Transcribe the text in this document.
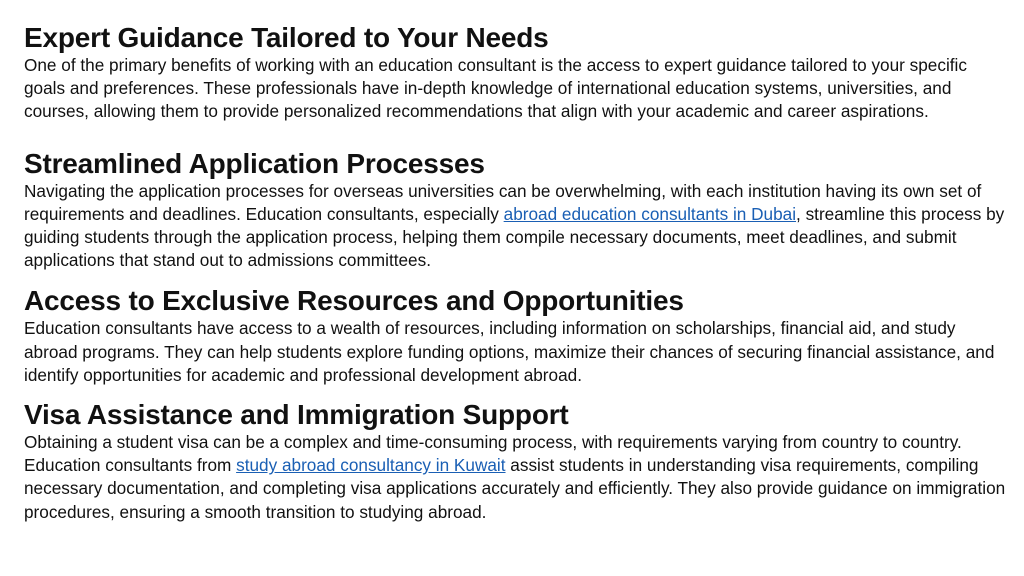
Expert Guidance Tailored to Your Needs

One of the primary benefits of working with an education consultant is the access to expert guidance tailored to your specific goals and preferences. These professionals have in-depth knowledge of international education systems, universities, and courses, allowing them to provide personalized recommendations that align with your academic and career aspirations.

Streamlined Application Processes

Navigating the application processes for overseas universities can be overwhelming, with each institution having its own set of requirements and deadlines. Education consultants, especially abroad education consultants in Dubai, streamline this process by guiding students through the application process, helping them compile necessary documents, meet deadlines, and submit applications that stand out to admissions committees.

Access to Exclusive Resources and Opportunities

Education consultants have access to a wealth of resources, including information on scholarships, financial aid, and study abroad programs. They can help students explore funding options, maximize their chances of securing financial assistance, and identify opportunities for academic and professional development abroad.

Visa Assistance and Immigration Support

Obtaining a student visa can be a complex and time-consuming process, with requirements varying from country to country. Education consultants from study abroad consultancy in Kuwait assist students in understanding visa requirements, compiling necessary documentation, and completing visa applications accurately and efficiently. They also provide guidance on immigration procedures, ensuring a smooth transition to studying abroad.
